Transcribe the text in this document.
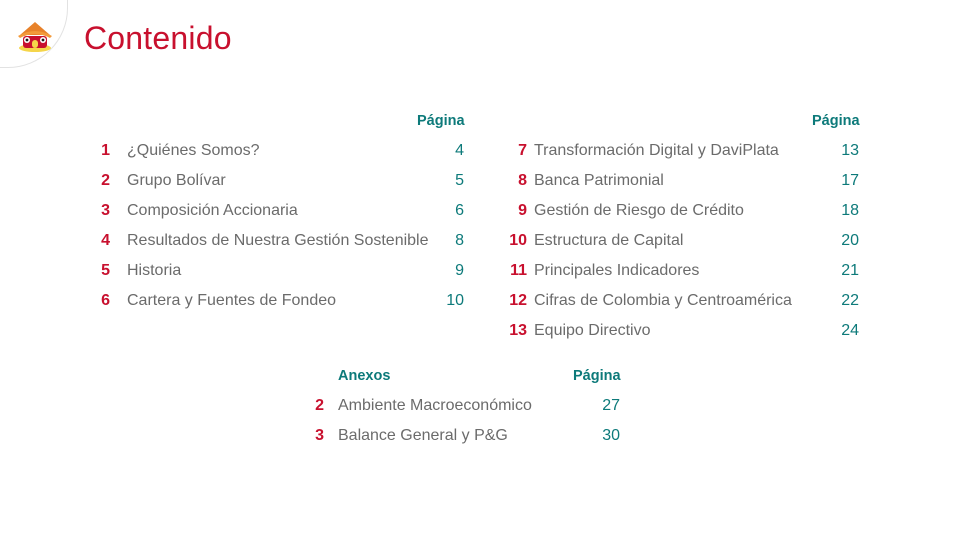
Contenido
Página
1 ¿Quiénes Somos?	4
2 Grupo Bolívar	5
3 Composición Accionaria	6
4 Resultados de Nuestra Gestión Sostenible	8
5 Historia	9
6 Cartera y Fuentes de Fondeo	10
Página
7 Transformación Digital y DaviPlata	13
8 Banca Patrimonial	17
9 Gestión de Riesgo de Crédito	18
10 Estructura de Capital	20
11 Principales Indicadores	21
12 Cifras de Colombia y Centroamérica	22
13 Equipo Directivo	24
Anexos	Página
2 Ambiente Macroeconómico	27
3 Balance General y P&G	30
